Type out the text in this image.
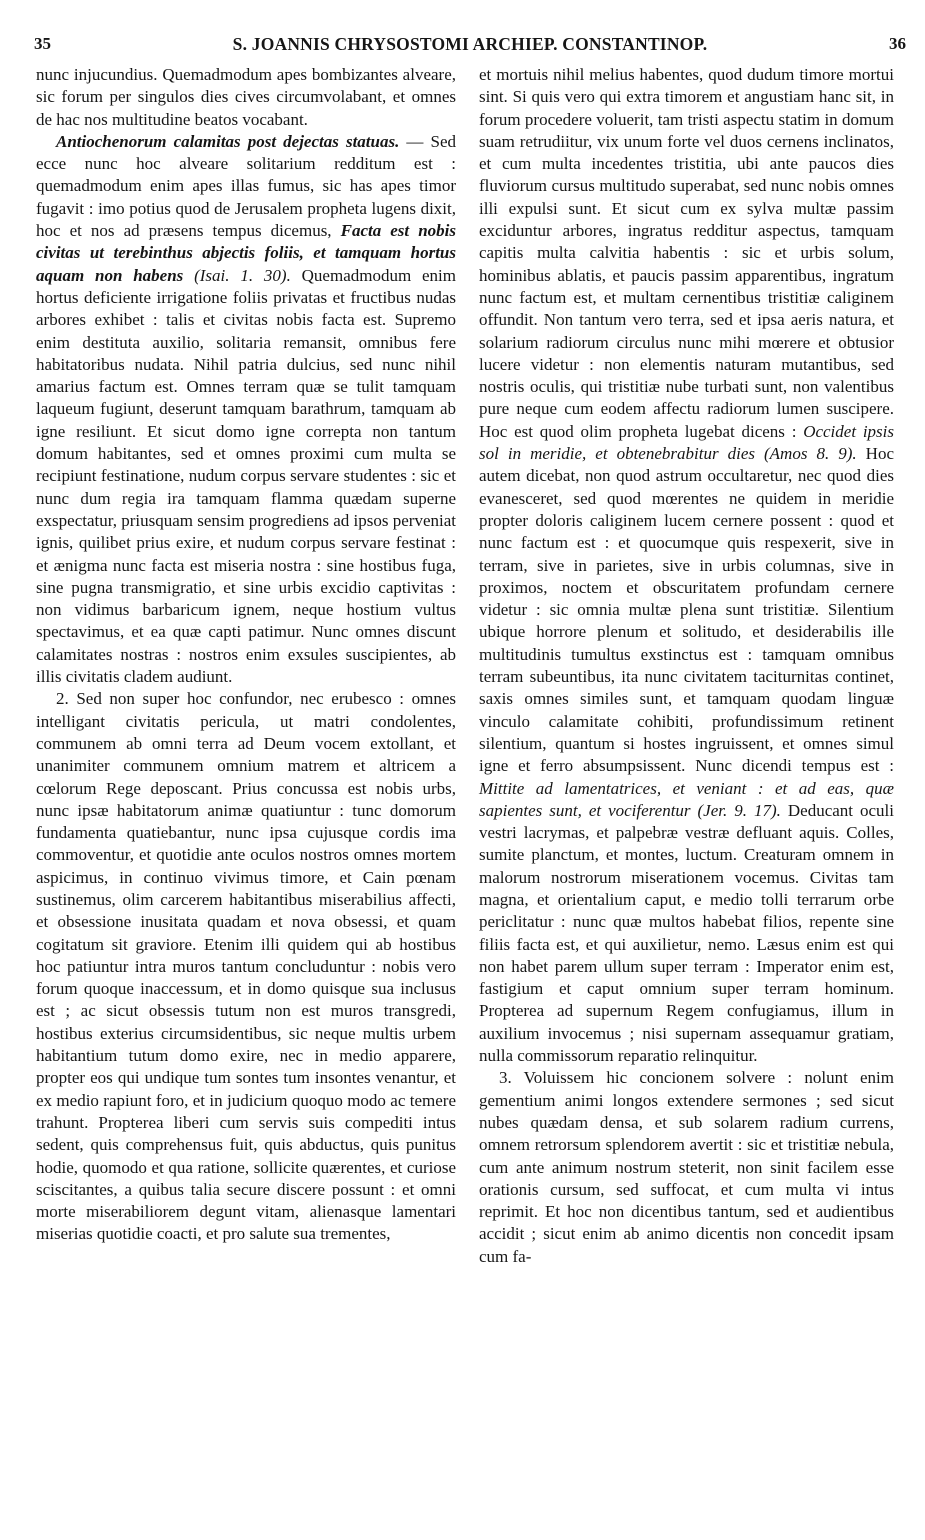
35	S. JOANNIS CHRYSOSTOMI ARCHIEP. CONSTANTINOP.	36

nunc injucundius. Quemadmodum apes bombizantes alveare, sic forum per singulos dies cives circumvolabant, et omnes de hac nos multitudine beatos vocabant.

Antiochenorum calamitas post dejectas statuas. — Sed ecce nunc hoc alveare solitarium redditum est : quemadmodum enim apes illas fumus, sic has apes timor fugavit : imo potius quod de Jerusalem propheta lugens dixit, hoc et nos ad præsens tempus dicemus, Facta est nobis civitas ut terebinthus abjectis foliis, et tamquam hortus aquam non habens (Isai. 1. 30). Quemadmodum enim hortus deficiente irrigatione foliis privatas et fructibus nudas arbores exhibet : talis et civitas nobis facta est. Supremo enim destituta auxilio, solitaria remansit, omnibus fere habitatoribus nudata. Nihil patria dulcius, sed nunc nihil amarius factum est. Omnes terram quæ se tulit tamquam laqueum fugiunt, deserunt tamquam barathrum, tamquam ab igne resiliunt. Et sicut domo igne correpta non tantum domum habitantes, sed et omnes proximi cum multa se recipiunt festinatione, nudum corpus servare studentes : sic et nunc dum regia ira tamquam flamma quædam superne exspectatur, priusquam sensim progrediens ad ipsos perveniat ignis, quilibet prius exire, et nudum corpus servare festinat : et ænigma nunc facta est miseria nostra : sine hostibus fuga, sine pugna transmigratio, et sine urbis excidio captivitas : non vidimus barbaricum ignem, neque hostium vultus spectavimus, et ea quæ capti patimur. Nunc omnes discunt calamitates nostras : nostros enim exsules suscipientes, ab illis civitatis cladem audiunt.

2. Sed non super hoc confundor, nec erubesco : omnes intelligant civitatis pericula, ut matri condolentes, communem ab omni terra ad Deum vocem extollant, et unanimiter communem omnium matrem et altricem a cœlorum Rege deposcant. Prius concussa est nobis urbs, nunc ipsæ habitatorum animæ quatiuntur : tunc domorum fundamenta quatiebantur, nunc ipsa cujusque cordis ima commoventur, et quotidie ante oculos nostros omnes mortem aspicimus, in continuo vivimus timore, et Cain pœnam sustinemus, olim carcerem habitantibus miserabilius affecti, et obsessione inusitata quadam et nova obsessi, et quam cogitatum sit graviore. Etenim illi quidem qui ab hostibus hoc patiuntur intra muros tantum concluduntur : nobis vero forum quoque inaccessum, et in domo quisque sua inclusus est ; ac sicut obsessis tutum non est muros transgredi, hostibus exterius circumsidentibus, sic neque multis urbem habitantium tutum domo exire, nec in medio apparere, propter eos qui undique tum sontes tum insontes venantur, et ex medio rapiunt foro, et in judicium quoquo modo ac temere trahunt. Propterea liberi cum servis suis compediti intus sedent, quis comprehensus fuit, quis abductus, quis punitus hodie, quomodo et qua ratione, sollicite quærentes, et curiose sciscitantes, a quibus talia secure discere possunt : et omni morte miserabiliorem degunt vitam, alienasque lamentari miserias quotidie coacti, et pro salute sua trementes,

et mortuis nihil melius habentes, quod dudum timore mortui sint. Si quis vero qui extra timorem et angustiam hanc sit, in forum procedere voluerit, tam tristi aspectu statim in domum suam retrudiitur, vix unum forte vel duos cernens inclinatos, et cum multa incedentes tristitia, ubi ante paucos dies fluviorum cursus multitudo superabat, sed nunc nobis omnes illi expulsi sunt. Et sicut cum ex sylva multæ passim exciduntur arbores, ingratus redditur aspectus, tamquam capitis multa calvitia habentis : sic et urbis solum, hominibus ablatis, et paucis passim apparentibus, ingratum nunc factum est, et multam cernentibus tristitiæ caliginem offundit. Non tantum vero terra, sed et ipsa aeris natura, et solarium radiorum circulus nunc mihi mœrere et obtusior lucere videtur : non elementis naturam mutantibus, sed nostris oculis, qui tristitiæ nube turbati sunt, non valentibus pure neque cum eodem affectu radiorum lumen suscipere. Hoc est quod olim propheta lugebat dicens : Occidet ipsis sol in meridie, et obtenebrabitur dies (Amos 8. 9). Hoc autem dicebat, non quod astrum occultaretur, nec quod dies evanesceret, sed quod mœrentes ne quidem in meridie propter doloris caliginem lucem cernere possent : quod et nunc factum est : et quocumque quis respexerit, sive in terram, sive in parietes, sive in urbis columnas, sive in proximos, noctem et obscuritatem profundam cernere videtur : sic omnia multæ plena sunt tristitiæ. Silentium ubique horrore plenum et solitudo, et desiderabilis ille multitudinis tumultus exstinctus est : tamquam omnibus terram subeuntibus, ita nunc civitatem taciturnitas continet, saxis omnes similes sunt, et tamquam quodam linguæ vinculo calamitate cohibiti, profundissimum retinent silentium, quantum si hostes ingruissent, et omnes simul igne et ferro absumpsissent. Nunc dicendi tempus est : Mittite ad lamentatrices, et veniant : et ad eas, quæ sapientes sunt, et vociferentur (Jer. 9. 17). Deducant oculi vestri lacrymas, et palpebræ vestræ defluant aquis. Colles, sumite planctum, et montes, luctum. Creaturam omnem in malorum nostrorum miserationem vocemus. Civitas tam magna, et orientalium caput, e medio tolli terrarum orbe periclitatur : nunc quæ multos habebat filios, repente sine filiis facta est, et qui auxilietur, nemo. Læsus enim est qui non habet parem ullum super terram : Imperator enim est, fastigium et caput omnium super terram hominum. Propterea ad supernum Regem confugiamus, illum in auxilium invocemus ; nisi supernam assequamur gratiam, nulla commissorum reparatio relinquitur.

3. Voluissem hic concionem solvere : nolunt enim gementium animi longos extendere sermones ; sed sicut nubes quædam densa, et sub solarem radium currens, omnem retrorsum splendorem avertit : sic et tristitiæ nebula, cum ante animum nostrum steterit, non sinit facilem esse orationis cursum, sed suffocat, et cum multa vi intus reprimit. Et hoc non dicentibus tantum, sed et audientibus accidit ; sicut enim ab animo dicentis non concedit ipsam cum fa-
